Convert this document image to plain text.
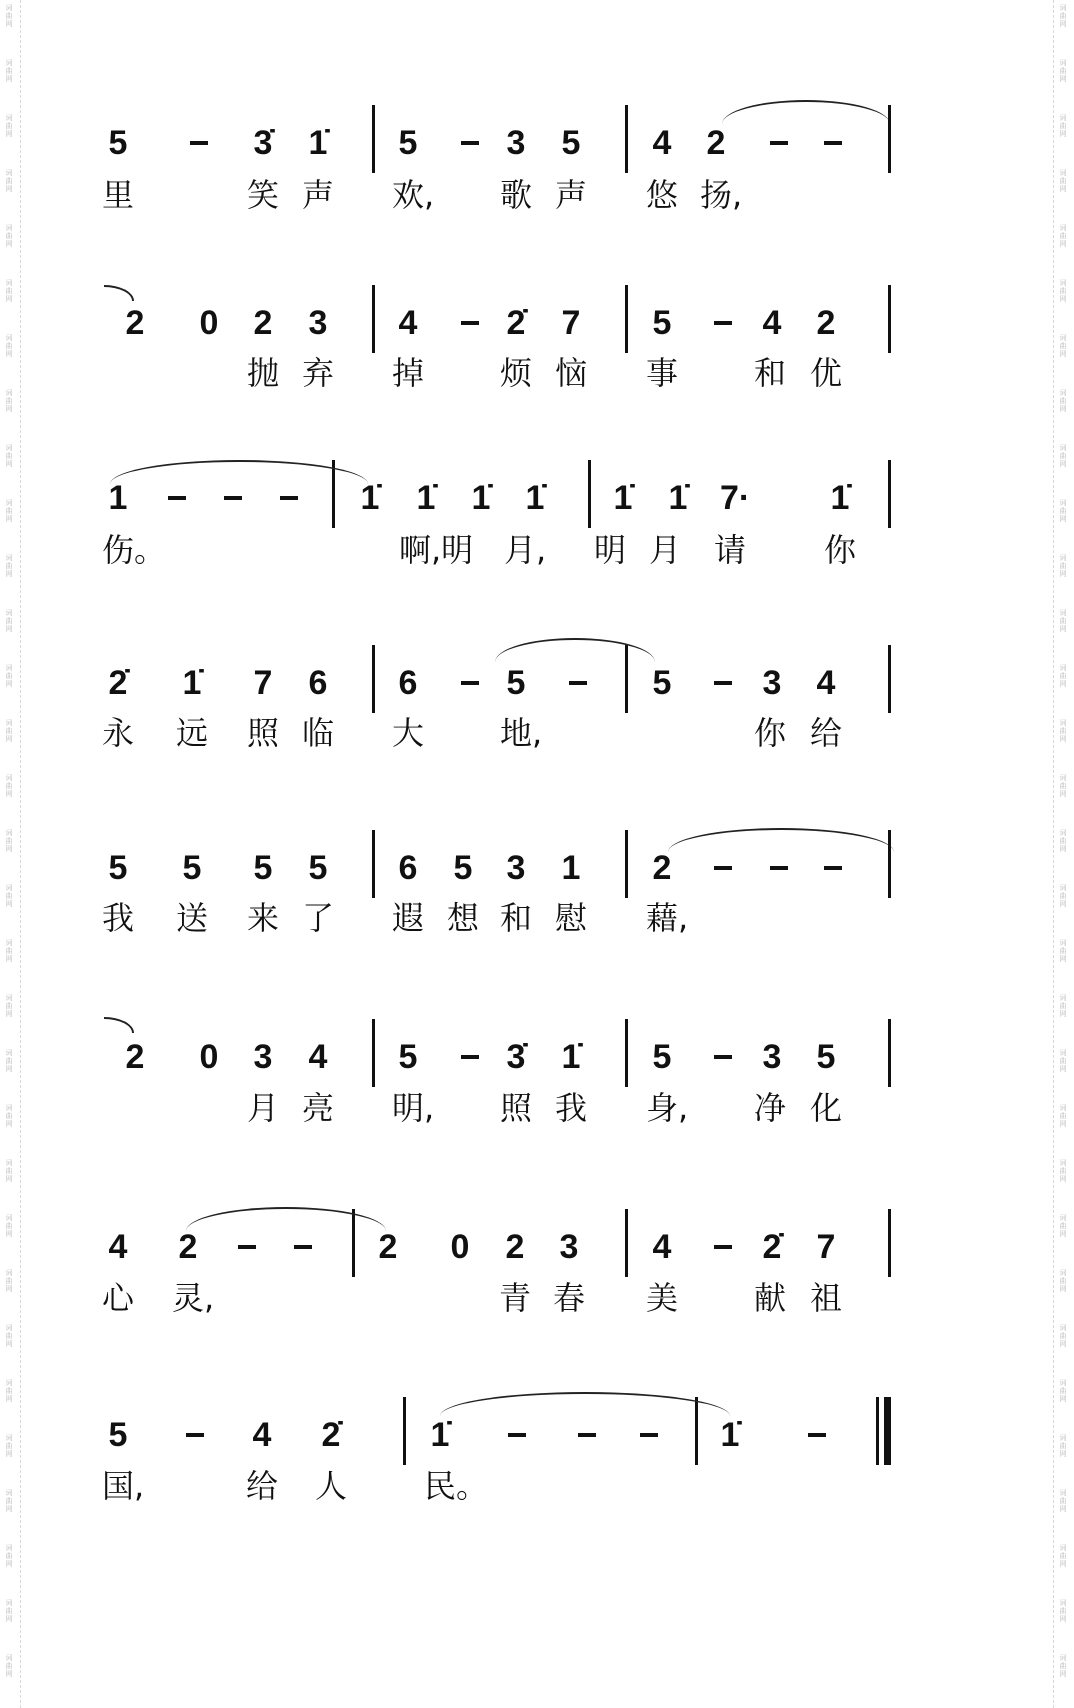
词
曲
网
词
曲
网
词
曲
网
词
曲
网
词
曲
网
词
曲
网
词
曲
网
词
曲
网
词
曲
网
词
曲
网
词
曲
网
词
曲
网
词
曲
网
词
曲
网
词
曲
网
词
曲
网
词
曲
网
词
曲
网
词
曲
网
词
曲
网
词
曲
网
词
曲
网
词
曲
网
词
曲
网
词
曲
网
词
曲
网
词
曲
网
词
曲
网
词
曲
网
词
曲
网
词
曲
网
词
曲
网
词
曲
网
词
曲
网
词
曲
网
词
曲
网
词
曲
网
词
曲
网
词
曲
网
词
曲
网
词
曲
网
词
曲
网
词
曲
网
词
曲
网
词
曲
网
词
曲
网
词
曲
网
词
曲
网
词
曲
网
词
曲
网
词
曲
网
词
曲
网
词
曲
网
词
曲
网
词
曲
网
词
曲
网
词
曲
网
词
曲
网
词
曲
网
词
曲
网
词
曲
网
词
曲
网
5	3̇ 1̇ 5	3 5 4 2
里	笑 声 欢, 歌 声 悠 扬,
2 0 2 3 4	2̇ 7 5	4 2
抛 弃 掉 烦 恼 事 和 优
1	1̇ 1̇ 1̇ 1̇ 1̇ 1̇ 7· 1̇
伤。	啊,明 月, 明 月 请 你
2̇ 1̇ 7 6 6	5	5	3 4
永 远 照 临 大 地,	你 给
5 5 5 5 6 5 3 1 2
我 送 来 了 遐 想 和 慰 藉,
2 0 3 4 5	3̇ 1̇ 5	3 5
月 亮 明, 照 我 身, 净 化
4 2	2 0 2 3 4	2̇ 7
心 灵,	青 春 美 献 祖
5	4 2̇	1̇	1̇
国,	给 人 民。
